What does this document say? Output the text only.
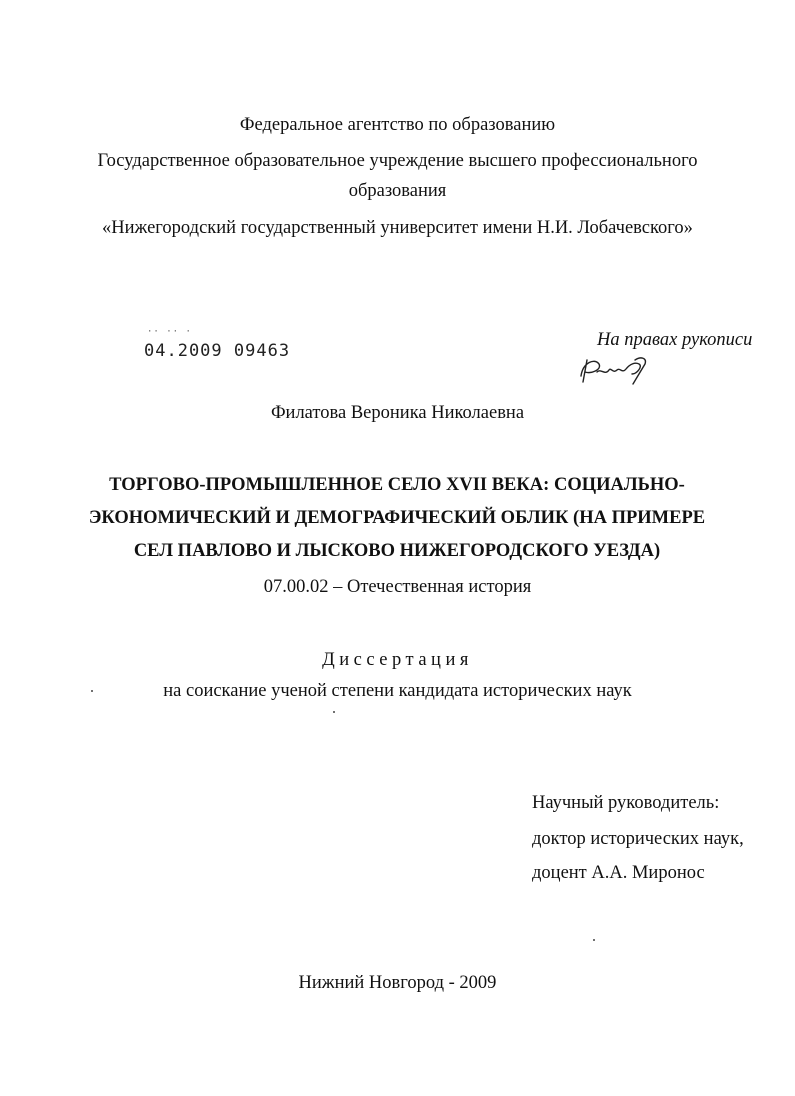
Федеральное агентство по образованию
Государственное образовательное учреждение высшего профессионального
образования
«Нижегородский государственный университет имени Н.И. Лобачевского»
·· ·· ·
04.2009 09463
На правах рукописи
Филатова Вероника Николаевна
ТОРГОВО-ПРОМЫШЛЕННОЕ СЕЛО XVII ВЕКА: СОЦИАЛЬНО-
ЭКОНОМИЧЕСКИЙ И ДЕМОГРАФИЧЕСКИЙ ОБЛИК (НА ПРИМЕРЕ
СЕЛ ПАВЛОВО И ЛЫСКОВО НИЖЕГОРОДСКОГО УЕЗДА)
07.00.02 – Отечественная история
Диссертация
на соискание ученой степени кандидата исторических наук
Научный руководитель:
доктор исторических наук,
доцент А.А. Миронос
Нижний Новгород - 2009
